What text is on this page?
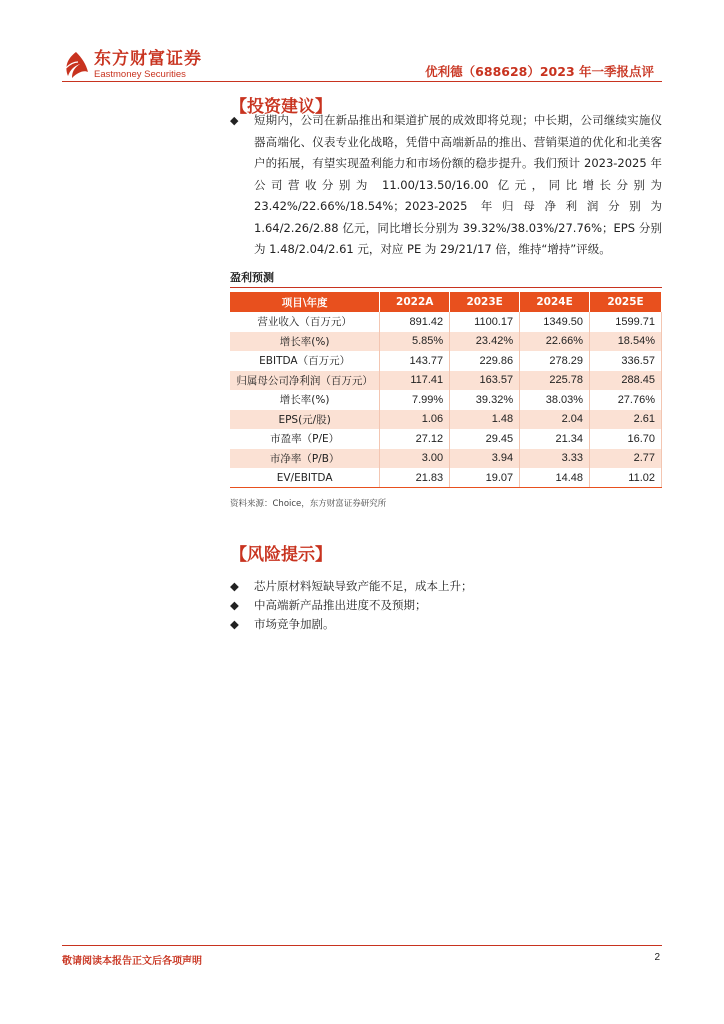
东方财富证券
Eastmoney Securities	优利德（688628）2023 年一季报点评
【投资建议】
◆	短期内，公司在新品推出和渠道扩展的成效即将兑现；中长期，公司继续实施仪器高端化、仪表专业化战略，凭借中高端新品的推出、营销渠道的优化和北美客户的拓展，有望实现盈利能力和市场份额的稳步提升。我们预计 2023-2025 年公司营收分别为 11.00/13.50/16.00 亿元，同比增长分别为 23.42%/22.66%/18.54%；2023-2025 年归母净利润分别为 1.64/2.26/2.88 亿元，同比增长分别为 39.32%/38.03%/27.76%；EPS 分别为 1.48/2.04/2.61 元，对应 PE 为 29/21/17 倍，维持“增持”评级。
盈利预测
项目\年度	2022A	2023E	2024E	2025E
营业收入（百万元）	891.42	1100.17	1349.50	1599.71
增长率(%)	5.85%	23.42%	22.66%	18.54%
EBITDA（百万元）	143.77	229.86	278.29	336.57
归属母公司净利润（百万元）	117.41	163.57	225.78	288.45
增长率(%)	7.99%	39.32%	38.03%	27.76%
EPS(元/股)	1.06	1.48	2.04	2.61
市盈率（P/E）	27.12	29.45	21.34	16.70
市净率（P/B）	3.00	3.94	3.33	2.77
EV/EBITDA	21.83	19.07	14.48	11.02
资料来源：Choice，东方财富证券研究所
【风险提示】
◆ 芯片原材料短缺导致产能不足，成本上升；
◆ 中高端新产品推出进度不及预期；
◆ 市场竞争加剧。
敬请阅读本报告正文后各项声明	2
